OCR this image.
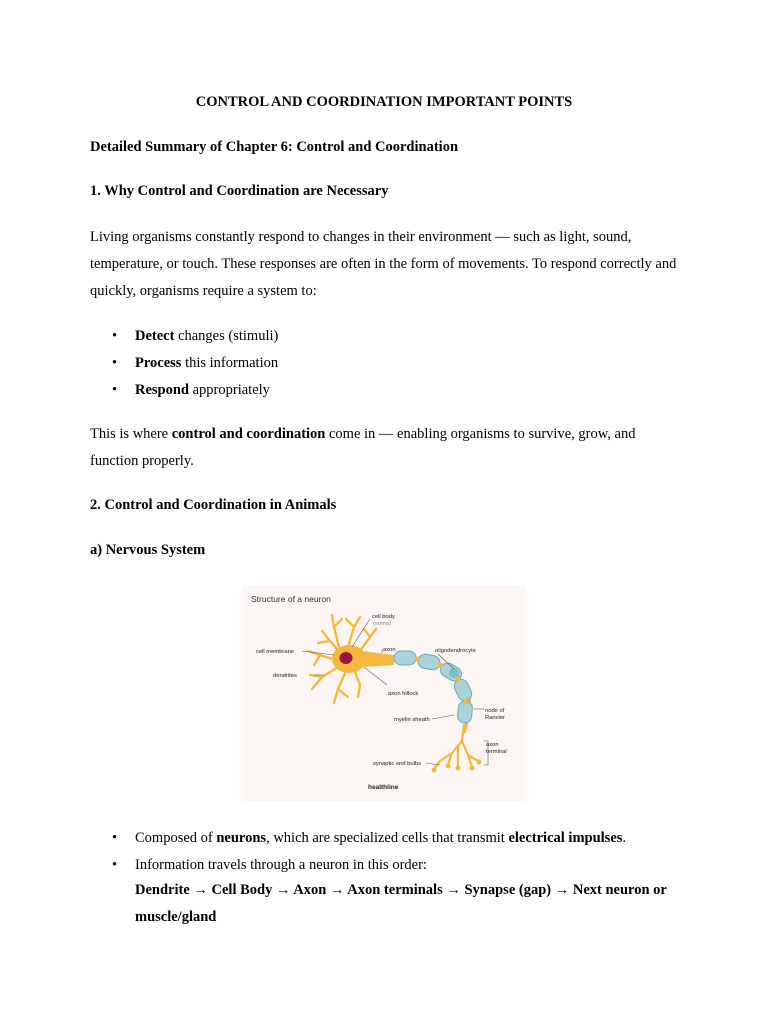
CONTROL AND COORDINATION IMPORTANT POINTS
Detailed Summary of Chapter 6: Control and Coordination
1. Why Control and Coordination are Necessary
Living organisms constantly respond to changes in their environment — such as light, sound, temperature, or touch. These responses are often in the form of movements. To respond correctly and quickly, organisms require a system to:
• Detect changes (stimuli)
• Process this information
• Respond appropriately
This is where control and coordination come in — enabling organisms to survive, grow, and function properly.
2. Control and Coordination in Animals
a) Nervous System
Structure of a neuron
cell body
(soma)
axon	oligodendrocyte
cell membrane
dendrites
axon hillock
node of
Ranvier
myelin sheath
axon
terminal
synaptic end bulbs
healthline
• Composed of neurons, which are specialized cells that transmit electrical impulses.
• Information travels through a neuron in this order:
Dendrite → Cell Body → Axon → Axon terminals → Synapse (gap) → Next neuron or muscle/gland
